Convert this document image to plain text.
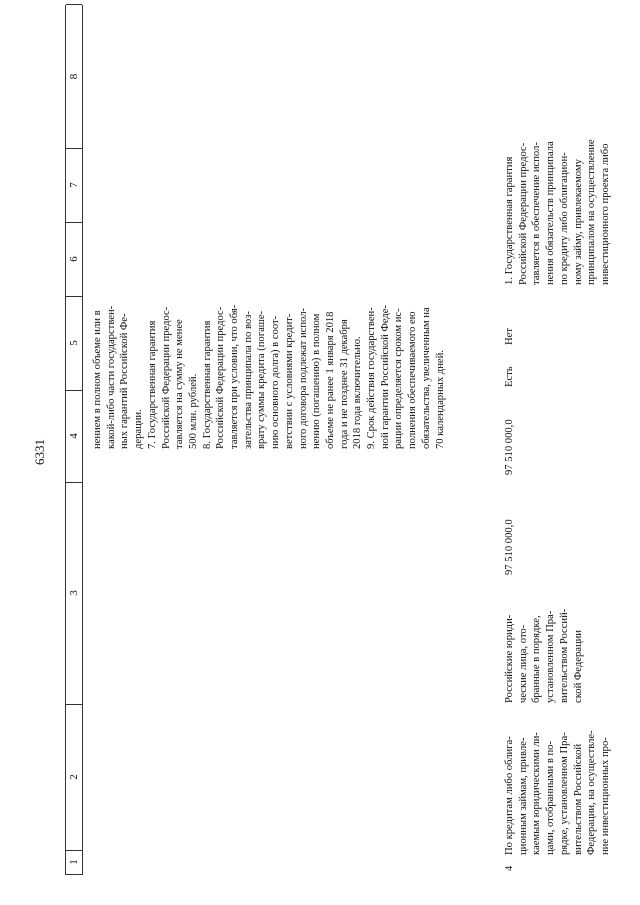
6331
1
2
3
4
5
6
7
8
нением в полном объеме или в
какой-либо части государствен-
ных гарантий Российской Фе-
дерации.
7. Государственная гарантия
Российской Федерации предос-
тавляется на сумму не менее
500 млн. рублей.
8. Государственная гарантия
Российской Федерации предос-
тавляется при условии, что обя-
зательства принципала по воз-
врату суммы кредита (погаше-
нию основного долга) в соот-
ветствии с условиями кредит-
ного договора подлежат испол-
нению (погашению) в полном
объеме не ранее 1 января 2018
года и не позднее 31 декабря
2018 года включительно.
9. Срок действия государствен-
ной гарантии Российской Феде-
рации определяется сроком ис-
полнения обеспечиваемого ею
обязательства, увеличенным на
70 календарных дней.
4
По кредитам либо облига-
ционным займам, привле-
каемым юридическими ли-
цами, отобранными в по-
рядке, установленном Пра-
вительством Российской
Федерации, на осуществле-
ние инвестиционных про-
Российские юриди-
ческие лица, ото-
бранные в порядке,
установленном Пра-
вительством Россий-
ской Федерации
97 510 000,0
97 510 000,0
Есть
Нет
1. Государственная гарантия
Российской Федерации предос-
тавляется в обеспечение испол-
нения обязательств принципала
по кредиту либо облигацион-
ному займу, привлекаемому
принципалом на осуществление
инвестиционного проекта либо
